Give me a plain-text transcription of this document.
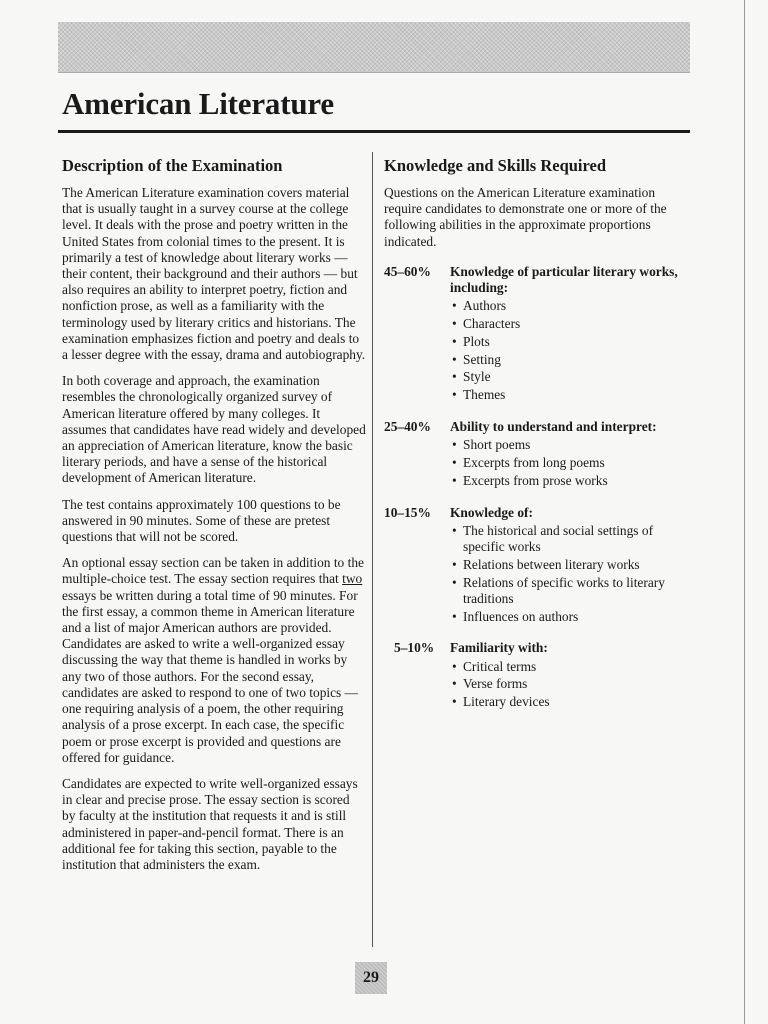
American Literature
Description of the Examination

The American Literature examination covers material that is usually taught in a survey course at the college level. It deals with the prose and poetry written in the United States from colonial times to the present. It is primarily a test of knowledge about literary works — their content, their background and their authors — but also requires an ability to interpret poetry, fiction and nonfiction prose, as well as a familiarity with the terminology used by literary critics and historians. The examination emphasizes fiction and poetry and deals to a lesser degree with the essay, drama and autobiography.

In both coverage and approach, the examination resembles the chronologically organized survey of American literature offered by many colleges. It assumes that candidates have read widely and developed an appreciation of American literature, know the basic literary periods, and have a sense of the historical development of American literature.

The test contains approximately 100 questions to be answered in 90 minutes. Some of these are pretest questions that will not be scored.

An optional essay section can be taken in addition to the multiple-choice test. The essay section requires that two essays be written during a total time of 90 minutes. For the first essay, a common theme in American literature and a list of major American authors are provided. Candidates are asked to write a well-organized essay discussing the way that theme is handled in works by any two of those authors. For the second essay, candidates are asked to respond to one of two topics — one requiring analysis of a poem, the other requiring analysis of a prose excerpt. In each case, the specific poem or prose excerpt is provided and questions are offered for guidance.

Candidates are expected to write well-organized essays in clear and precise prose. The essay section is scored by faculty at the institution that requests it and is still administered in paper-and-pencil format. There is an additional fee for taking this section, payable to the institution that administers the exam.

Knowledge and Skills Required

Questions on the American Literature examination require candidates to demonstrate one or more of the following abilities in the approximate proportions indicated.

45–60%	Knowledge of particular literary works, including:
• Authors
• Characters
• Plots
• Setting
• Style
• Themes
25–40%	Ability to understand and interpret:
• Short poems
• Excerpts from long poems
• Excerpts from prose works
10–15%	Knowledge of:
• The historical and social settings of specific works
• Relations between literary works
• Relations of specific works to literary traditions
• Influences on authors
5–10%	Familiarity with:
• Critical terms
• Verse forms
• Literary devices
29
